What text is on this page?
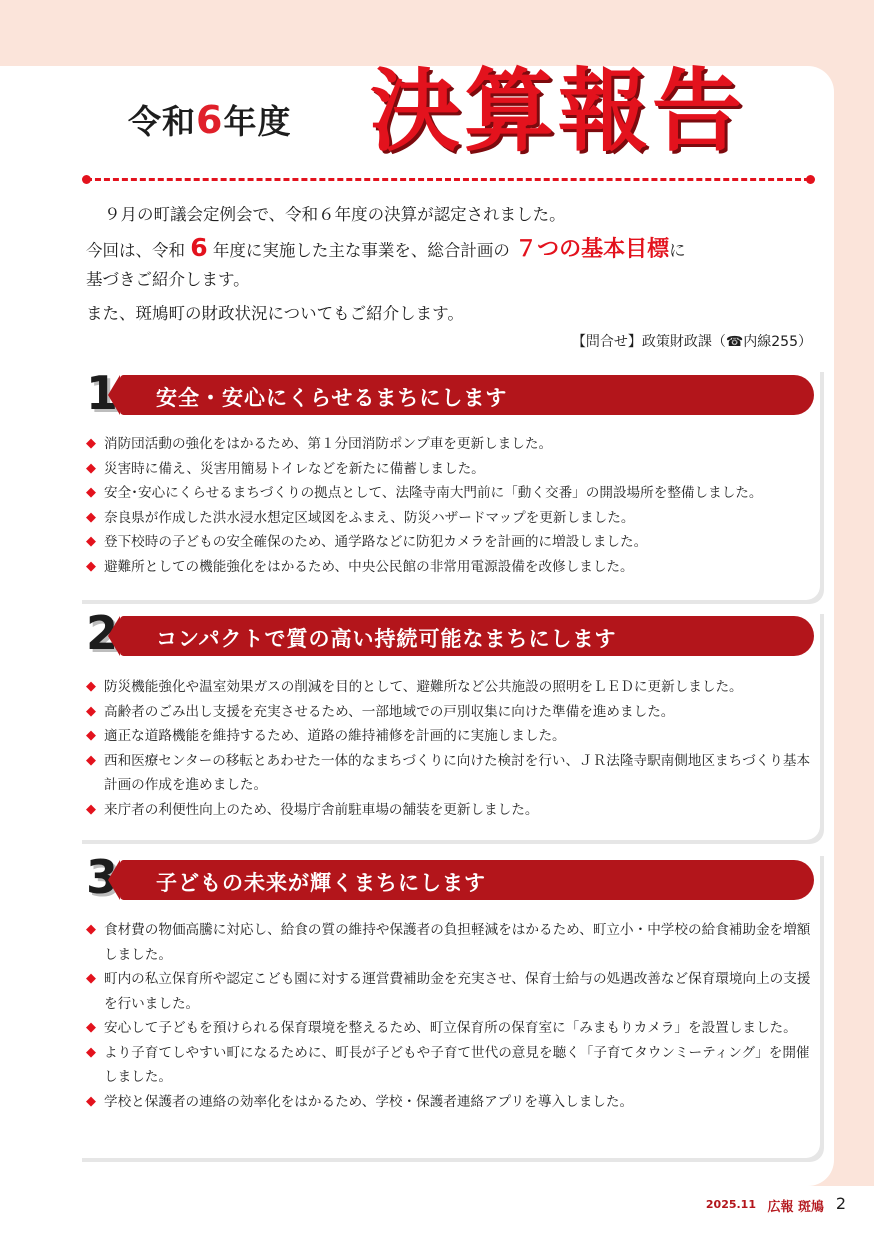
令和6年度 決算報告
９月の町議会定例会で、令和６年度の決算が認定されました。
今回は、令和 6 年度に実施した主な事業を、総合計画の ７つの基本目標に
基づきご紹介します。
また、斑鳩町の財政状況についてもご紹介します。
【問合せ】政策財政課（☎内線255）
1 安全・安心にくらせるまちにします
◆ 消防団活動の強化をはかるため、第１分団消防ポンプ車を更新しました。
◆ 災害時に備え、災害用簡易トイレなどを新たに備蓄しました。
◆ 安全･安心にくらせるまちづくりの拠点として、法隆寺南大門前に「動く交番」の開設場所を整備しました。
◆ 奈良県が作成した洪水浸水想定区域図をふまえ、防災ハザードマップを更新しました。
◆ 登下校時の子どもの安全確保のため、通学路などに防犯カメラを計画的に増設しました。
◆ 避難所としての機能強化をはかるため、中央公民館の非常用電源設備を改修しました。
2 コンパクトで質の高い持続可能なまちにします
◆ 防災機能強化や温室効果ガスの削減を目的として、避難所など公共施設の照明をＬＥＤに更新しました。
◆ 高齢者のごみ出し支援を充実させるため、一部地域での戸別収集に向けた準備を進めました。
◆ 適正な道路機能を維持するため、道路の維持補修を計画的に実施しました。
◆ 西和医療センターの移転とあわせた一体的なまちづくりに向けた検討を行い、ＪＲ法隆寺駅南側地区まちづくり基本計画の作成を進めました。
◆ 来庁者の利便性向上のため、役場庁舎前駐車場の舗装を更新しました。
3 子どもの未来が輝くまちにします
◆ 食材費の物価高騰に対応し、給食の質の維持や保護者の負担軽減をはかるため、町立小・中学校の給食補助金を増額しました。
◆ 町内の私立保育所や認定こども園に対する運営費補助金を充実させ、保育士給与の処遇改善など保育環境向上の支援を行いました。
◆ 安心して子どもを預けられる保育環境を整えるため、町立保育所の保育室に「みまもりカメラ」を設置しました。
◆ より子育てしやすい町になるために、町長が子どもや子育て世代の意見を聴く「子育てタウンミーティング」を開催しました。
◆ 学校と保護者の連絡の効率化をはかるため、学校・保護者連絡アプリを導入しました。
2025.11 広報 斑鳩 2
